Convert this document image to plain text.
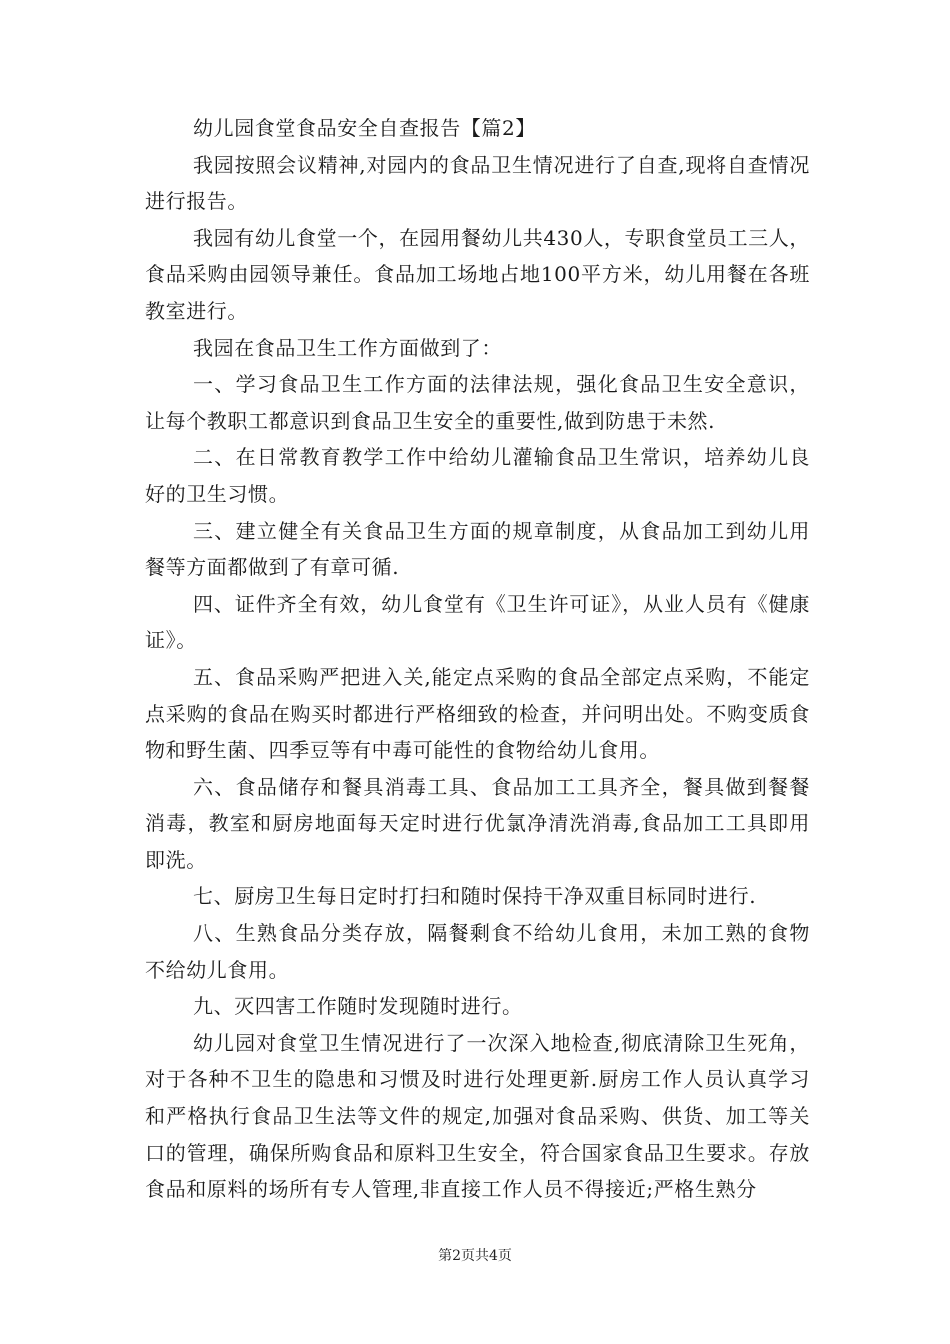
幼儿园食堂食品安全自查报告【篇2】

我园按照会议精神,对园内的食品卫生情况进行了自查,现将自查情况进行报告。

我园有幼儿食堂一个，在园用餐幼儿共430人，专职食堂员工三人，食品采购由园领导兼任。食品加工场地占地100平方米，幼儿用餐在各班教室进行。

我园在食品卫生工作方面做到了：

一、学习食品卫生工作方面的法律法规，强化食品卫生安全意识，让每个教职工都意识到食品卫生安全的重要性,做到防患于未然.

二、在日常教育教学工作中给幼儿灌输食品卫生常识，培养幼儿良好的卫生习惯。

三、建立健全有关食品卫生方面的规章制度，从食品加工到幼儿用餐等方面都做到了有章可循.

四、证件齐全有效，幼儿食堂有《卫生许可证》，从业人员有《健康证》。

五、食品采购严把进入关,能定点采购的食品全部定点采购，不能定点采购的食品在购买时都进行严格细致的检查，并问明出处。不购变质食物和野生菌、四季豆等有中毒可能性的食物给幼儿食用。

六、食品储存和餐具消毒工具、食品加工工具齐全，餐具做到餐餐消毒，教室和厨房地面每天定时进行优氯净清洗消毒,食品加工工具即用即洗。

七、厨房卫生每日定时打扫和随时保持干净双重目标同时进行.

八、生熟食品分类存放，隔餐剩食不给幼儿食用，未加工熟的食物不给幼儿食用。

九、灭四害工作随时发现随时进行。

幼儿园对食堂卫生情况进行了一次深入地检查,彻底清除卫生死角，对于各种不卫生的隐患和习惯及时进行处理更新.厨房工作人员认真学习和严格执行食品卫生法等文件的规定,加强对食品采购、供货、加工等关口的管理，确保所购食品和原料卫生安全，符合国家食品卫生要求。存放食品和原料的场所有专人管理,非直接工作人员不得接近;严格生熟分

第2页共4页
